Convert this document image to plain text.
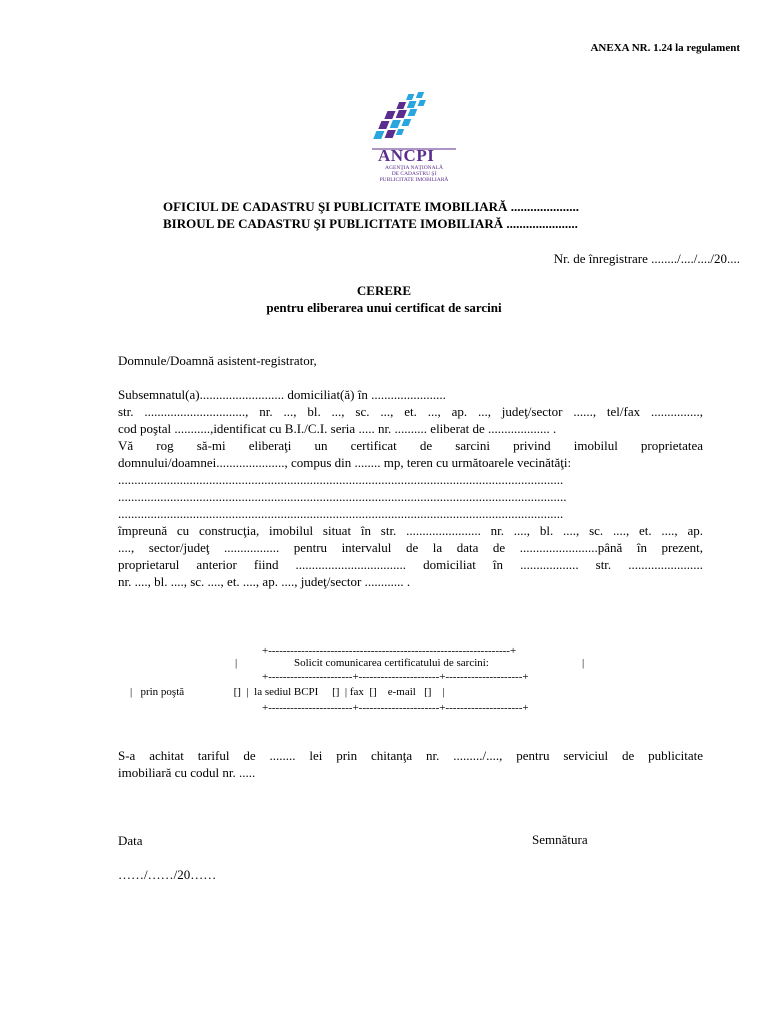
ANEXA NR. 1.24 la regulament
ANCPI
AGENŢIA NAŢIONALĂ
DE CADASTRU ŞI
PUBLICITATE IMOBILIARĂ
OFICIUL DE CADASTRU ŞI PUBLICITATE IMOBILIARĂ .....................
BIROUL DE CADASTRU ŞI PUBLICITATE IMOBILIARĂ ......................
Nr. de înregistrare ......../..../..../20....
CERERE
pentru eliberarea unui certificat de sarcini
Domnule/Doamnă asistent-registrator,
Subsemnatul(a).......................... domiciliat(ă) în .......................
str. ..............................., nr. ..., bl. ..., sc. ..., et. ..., ap. ..., judeţ/sector ......, tel/fax ...............,
cod poştal ...........,identificat cu B.I./C.I. seria ..... nr. .......... eliberat de ................... .
Vă rog să-mi eliberaţi un certificat de sarcini privind imobilul proprietatea
domnului/doamnei....................., compus din ........ mp, teren cu următoarele vecinătăţi:
.........................................................................................................................................
..........................................................................................................................................
.........................................................................................................................................
împreună cu construcţia, imobilul situat în str. ....................... nr. ...., bl. ...., sc. ...., et. ...., ap.
...., sector/judeţ ................. pentru intervalul de la data de ........................până în prezent,
proprietarul anterior fiind .................................. domiciliat în .................. str. .......................
nr. ...., bl. ...., sc. ...., et. ...., ap. ...., judeţ/sector ............ .
+------------------------------------------------------------------+
|	Solicit comunicarea certificatului de sarcini:	|
+-----------------------+----------------------+---------------------+
|   prin poştă                  []  |  la sediul BCPI     []  | fax  []    e-mail   []    |
+-----------------------+----------------------+---------------------+
S-a achitat tariful de ........ lei prin chitanţa nr. ........./...., pentru serviciul de publicitate
imobiliară cu codul nr. .....
Data	Semnătura
……/……/20……
